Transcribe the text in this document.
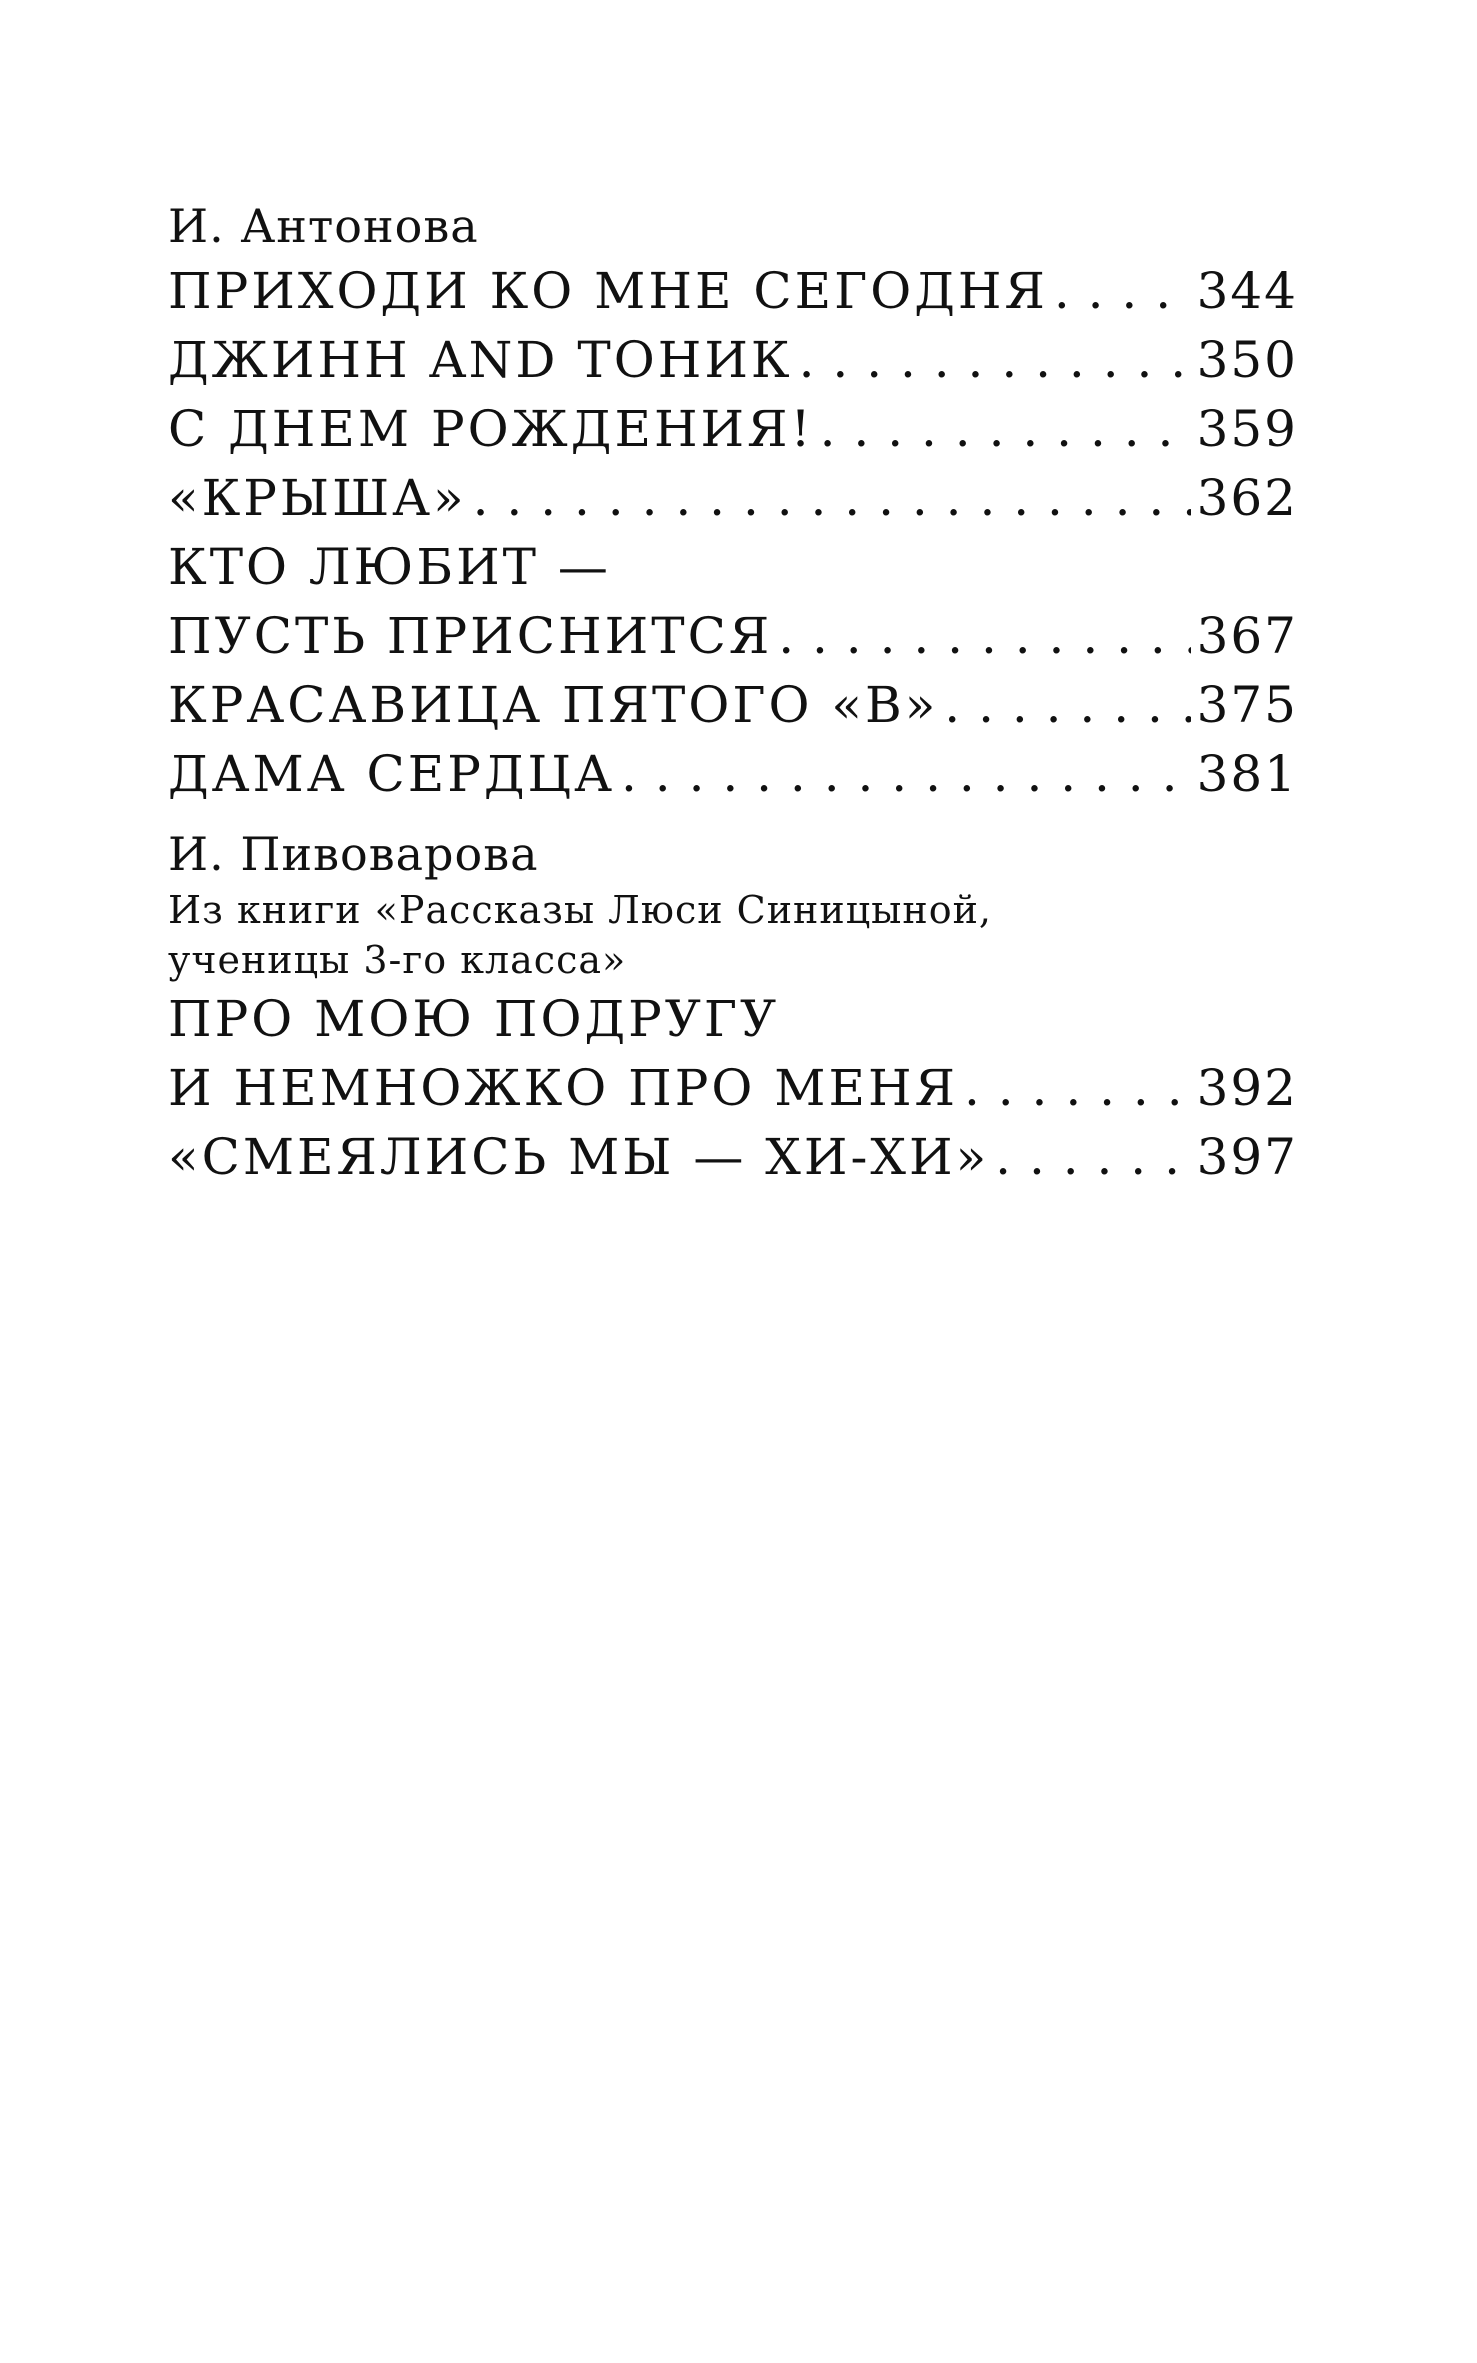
И. Антонова
ПРИХОДИ КО МНЕ СЕГОДНЯ . . .	344
ДЖИНН AND ТОНИК . . .	350
С ДНЕМ РОЖДЕНИЯ! . . .	359
«КРЫША» . . .	362
КТО ЛЮБИТ —
ПУСТЬ ПРИСНИТСЯ . . .	367
КРАСАВИЦА ПЯТОГО «В» . . .	375
ДАМА СЕРДЦА . . .	381
И. Пивоварова
Из книги «Рассказы Люси Синицыной,
ученицы 3-го класса»
ПРО МОЮ ПОДРУГУ
И НЕМНОЖКО ПРО МЕНЯ . . .	392
«СМЕЯЛИСЬ МЫ — ХИ-ХИ» . . .	397
